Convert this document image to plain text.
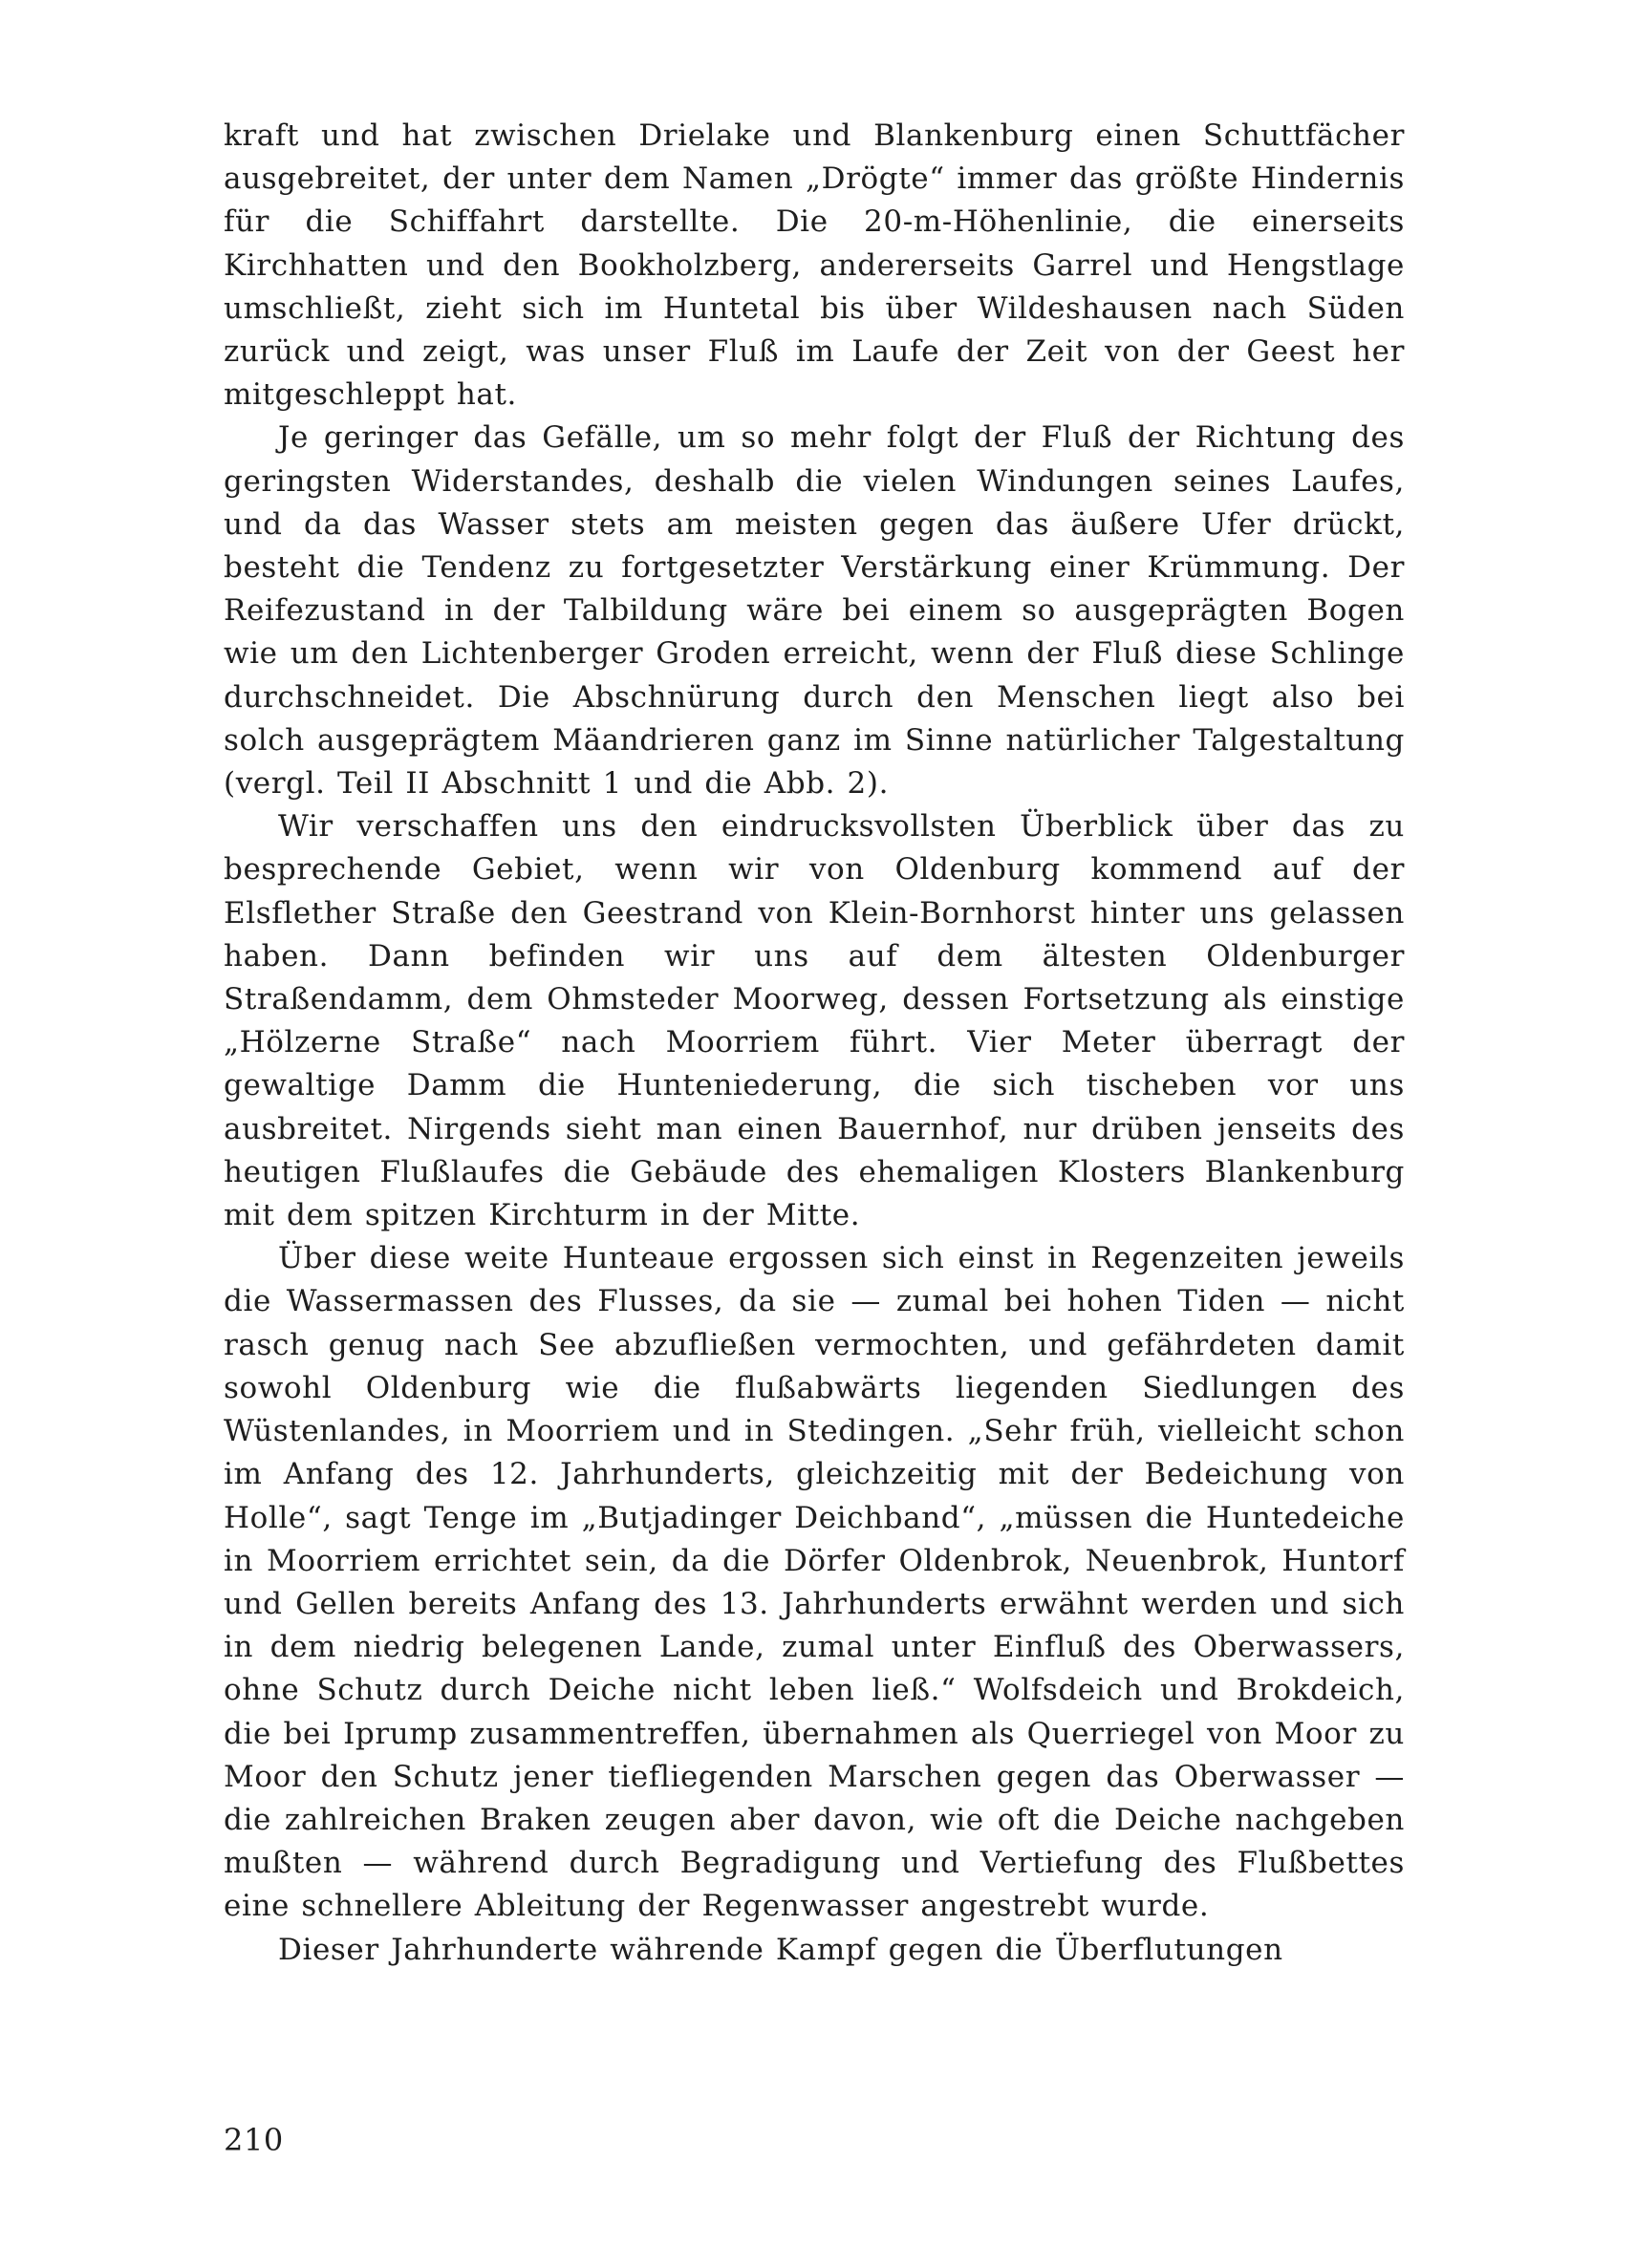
kraft und hat zwischen Drielake und Blankenburg einen Schuttfächer ausgebreitet, der unter dem Namen „Drögte“ immer das größte Hindernis für die Schiffahrt darstellte. Die 20-m-Höhenlinie, die einerseits Kirchhatten und den Bookholzberg, andererseits Garrel und Hengstlage umschließt, zieht sich im Huntetal bis über Wildeshausen nach Süden zurück und zeigt, was unser Fluß im Laufe der Zeit von der Geest her mitgeschleppt hat.

Je geringer das Gefälle, um so mehr folgt der Fluß der Richtung des geringsten Widerstandes, deshalb die vielen Windungen seines Laufes, und da das Wasser stets am meisten gegen das äußere Ufer drückt, besteht die Tendenz zu fortgesetzter Verstärkung einer Krümmung. Der Reifezustand in der Talbildung wäre bei einem so ausgeprägten Bogen wie um den Lichtenberger Groden erreicht, wenn der Fluß diese Schlinge durchschneidet. Die Abschnürung durch den Menschen liegt also bei solch ausgeprägtem Mäandrieren ganz im Sinne natürlicher Talgestaltung (vergl. Teil II Abschnitt 1 und die Abb. 2).

Wir verschaffen uns den eindrucksvollsten Überblick über das zu besprechende Gebiet, wenn wir von Oldenburg kommend auf der Elsflether Straße den Geestrand von Klein-Bornhorst hinter uns gelassen haben. Dann befinden wir uns auf dem ältesten Oldenburger Straßendamm, dem Ohmsteder Moorweg, dessen Fortsetzung als einstige „Hölzerne Straße“ nach Moorriem führt. Vier Meter überragt der gewaltige Damm die Hunteniederung, die sich tischeben vor uns ausbreitet. Nirgends sieht man einen Bauernhof, nur drüben jenseits des heutigen Flußlaufes die Gebäude des ehemaligen Klosters Blankenburg mit dem spitzen Kirchturm in der Mitte.

Über diese weite Hunteaue ergossen sich einst in Regenzeiten jeweils die Wassermassen des Flusses, da sie — zumal bei hohen Tiden — nicht rasch genug nach See abzufließen vermochten, und gefährdeten damit sowohl Oldenburg wie die flußabwärts liegenden Siedlungen des Wüstenlandes, in Moorriem und in Stedingen. „Sehr früh, vielleicht schon im Anfang des 12. Jahrhunderts, gleichzeitig mit der Bedeichung von Holle“, sagt Tenge im „Butjadinger Deichband“, „müssen die Huntedeiche in Moorriem errichtet sein, da die Dörfer Oldenbrok, Neuenbrok, Huntorf und Gellen bereits Anfang des 13. Jahrhunderts erwähnt werden und sich in dem niedrig belegenen Lande, zumal unter Einfluß des Oberwassers, ohne Schutz durch Deiche nicht leben ließ.“ Wolfsdeich und Brokdeich, die bei Iprump zusammentreffen, übernahmen als Querriegel von Moor zu Moor den Schutz jener tiefliegenden Marschen gegen das Oberwasser — die zahlreichen Braken zeugen aber davon, wie oft die Deiche nachgeben mußten — während durch Begradigung und Vertiefung des Flußbettes eine schnellere Ableitung der Regenwasser angestrebt wurde.

Dieser Jahrhunderte währende Kampf gegen die Überflutungen

210
